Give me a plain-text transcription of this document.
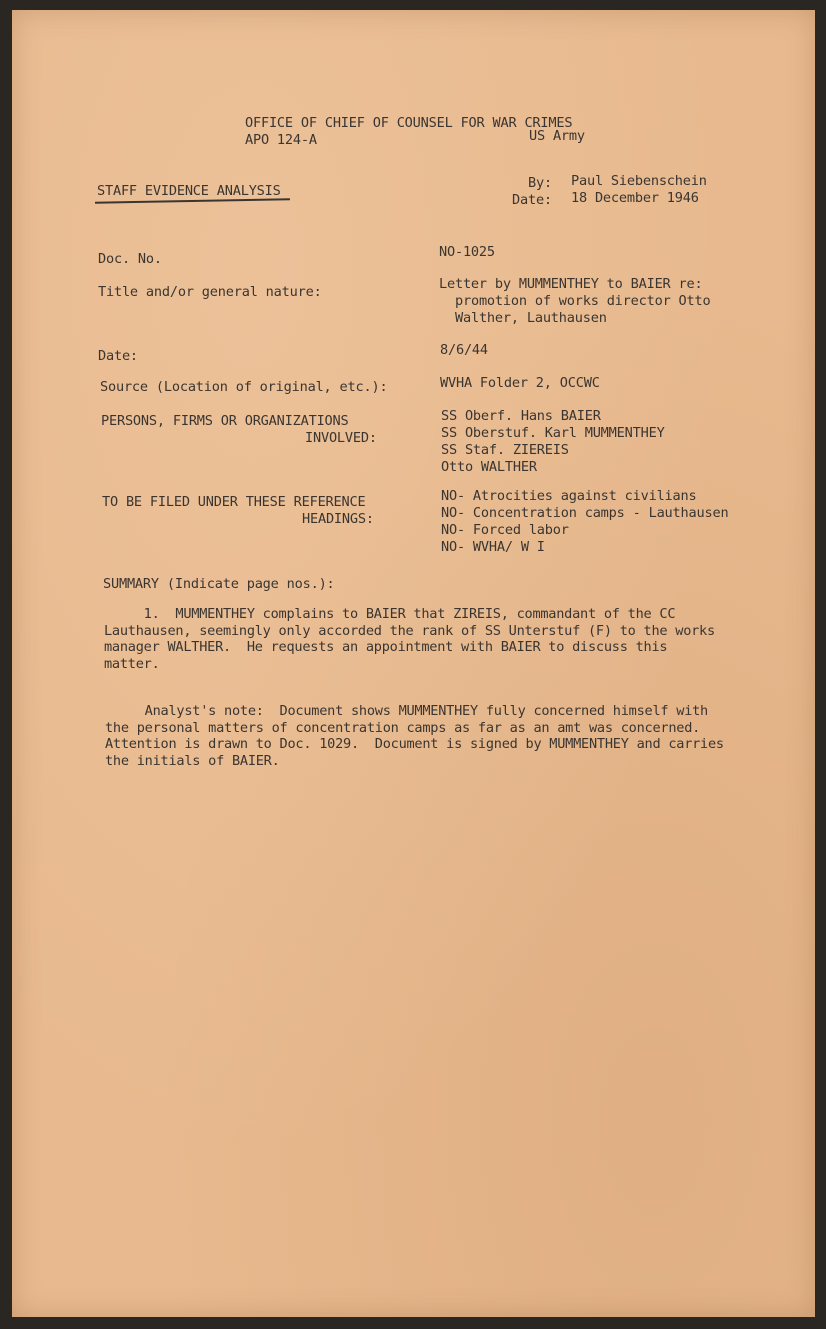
OFFICE OF CHIEF OF COUNSEL FOR WAR CRIMES
APO 124-A	US Army
STAFF EVIDENCE ANALYSIS	By: Paul Siebenschein
Date: 18 December 1946
Doc. No.	NO-1025
Title and/or general nature:	Letter by MUMMENTHEY to BAIER re:
promotion of works director Otto
Walther, Lauthausen
Date:	8/6/44
Source (Location of original, etc.):	WVHA Folder 2, OCCWC
PERSONS, FIRMS OR ORGANIZATIONS
INVOLVED:
SS Oberf. Hans BAIER
SS Oberstuf. Karl MUMMENTHEY
SS Staf. ZIEREIS
Otto WALTHER
TO BE FILED UNDER THESE REFERENCE
HEADINGS:
NO- Atrocities against civilians
NO- Concentration camps - Lauthausen
NO- Forced labor
NO- WVHA/ W I
SUMMARY (Indicate page nos.):
1.  MUMMENTHEY complains to BAIER that ZIREIS, commandant of the CC
Lauthausen, seemingly only accorded the rank of SS Unterstuf (F) to the works
manager WALTHER.  He requests an appointment with BAIER to discuss this
matter.
Analyst's note:  Document shows MUMMENTHEY fully concerned himself with
the personal matters of concentration camps as far as an amt was concerned.
Attention is drawn to Doc. 1029.  Document is signed by MUMMENTHEY and carries
the initials of BAIER.
